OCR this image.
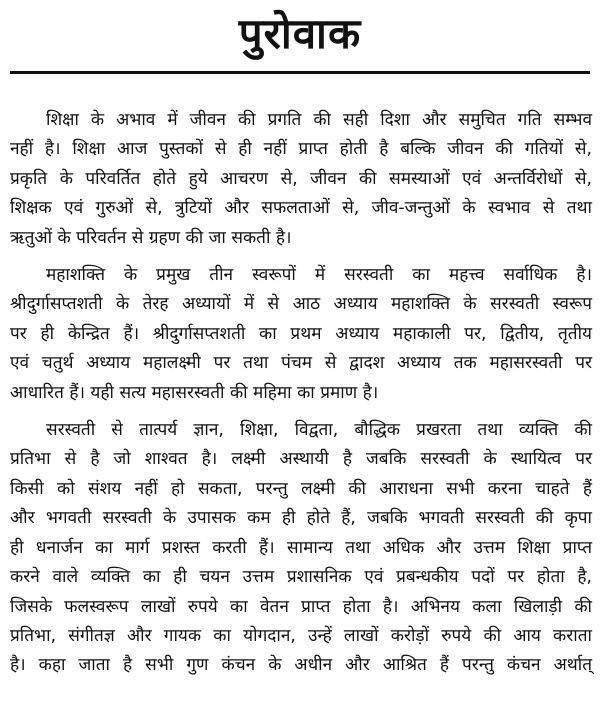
पुरोवाक

शिक्षा के अभाव में जीवन की प्रगति की सही दिशा और समुचित गति सम्भव
नहीं है। शिक्षा आज पुस्तकों से ही नहीं प्राप्त होती है बल्कि जीवन की गतियों से,
प्रकृति के परिवर्तित होते हुये आचरण से, जीवन की समस्याओं एवं अन्तर्विरोधों से,
शिक्षक एवं गुरुओं से, त्रुटियों और सफलताओं से, जीव-जन्तुओं के स्वभाव से तथा
ऋतुओं के परिवर्तन से ग्रहण की जा सकती है।

महाशक्ति के प्रमुख तीन स्वरूपों में सरस्वती का महत्त्व सर्वाधिक है।
श्रीदुर्गासप्तशती के तेरह अध्यायों में से आठ अध्याय महाशक्ति के सरस्वती स्वरूप
पर ही केन्द्रित हैं। श्रीदुर्गासप्तशती का प्रथम अध्याय महाकाली पर, द्वितीय, तृतीय
एवं चतुर्थ अध्याय महालक्ष्मी पर तथा पंचम से द्वादश अध्याय तक महासरस्वती पर
आधारित हैं। यही सत्य महासरस्वती की महिमा का प्रमाण है।

सरस्वती से तात्पर्य ज्ञान, शिक्षा, विद्वता, बौद्धिक प्रखरता तथा व्यक्ति की
प्रतिभा से है जो शाश्वत है। लक्ष्मी अस्थायी है जबकि सरस्वती के स्थायित्व पर
किसी को संशय नहीं हो सकता, परन्तु लक्ष्मी की आराधना सभी करना चाहते हैं
और भगवती सरस्वती के उपासक कम ही होते हैं, जबकि भगवती सरस्वती की कृपा
ही धनार्जन का मार्ग प्रशस्त करती हैं। सामान्य तथा अधिक और उत्तम शिक्षा प्राप्त
करने वाले व्यक्ति का ही चयन उत्तम प्रशासनिक एवं प्रबन्धकीय पदों पर होता है,
जिसके फलस्वरूप लाखों रुपये का वेतन प्राप्त होता है। अभिनय कला खिलाड़ी की
प्रतिभा, संगीतज्ञ और गायक का योगदान, उन्हें लाखों करोड़ों रुपये की आय कराता
है। कहा जाता है सभी गुण कंचन के अधीन और आश्रित हैं परन्तु कंचन अर्थात्
